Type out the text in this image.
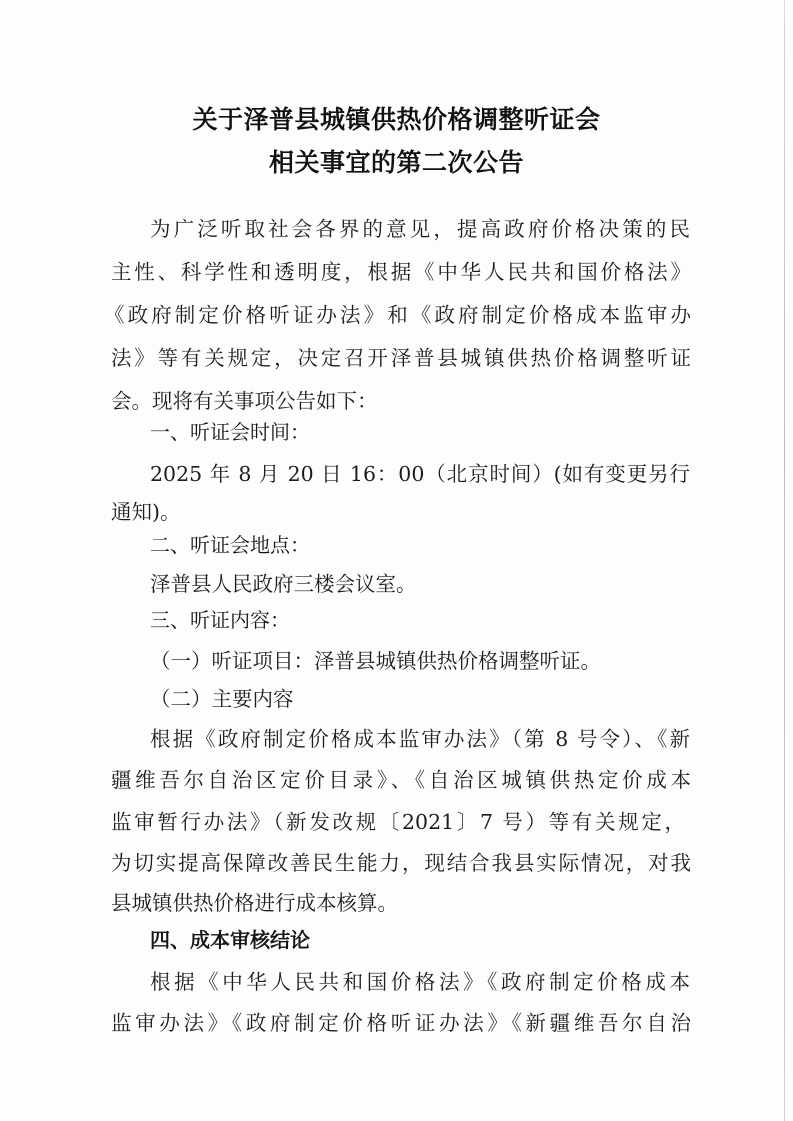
关于泽普县城镇供热价格调整听证会
相关事宜的第二次公告
为广泛听取社会各界的意见，提高政府价格决策的民
主性、科学性和透明度，根据《中华人民共和国价格法》
《政府制定价格听证办法》和《政府制定价格成本监审办
法》等有关规定，决定召开泽普县城镇供热价格调整听证
会。现将有关事项公告如下：
一、听证会时间：
2025 年 8 月 20 日 16：00（北京时间）(如有变更另行
通知)。
二、听证会地点：
泽普县人民政府三楼会议室。
三、听证内容：
（一）听证项目：泽普县城镇供热价格调整听证。
（二）主要内容
根据《政府制定价格成本监审办法》（第 8 号令）、《新
疆维吾尔自治区定价目录》、《自治区城镇供热定价成本
监审暂行办法》（新发改规〔2021〕7 号）等有关规定，
为切实提高保障改善民生能力，现结合我县实际情况，对我
县城镇供热价格进行成本核算。
四、成本审核结论
根据《中华人民共和国价格法》《政府制定价格成本
监审办法》《政府制定价格听证办法》《新疆维吾尔自治
